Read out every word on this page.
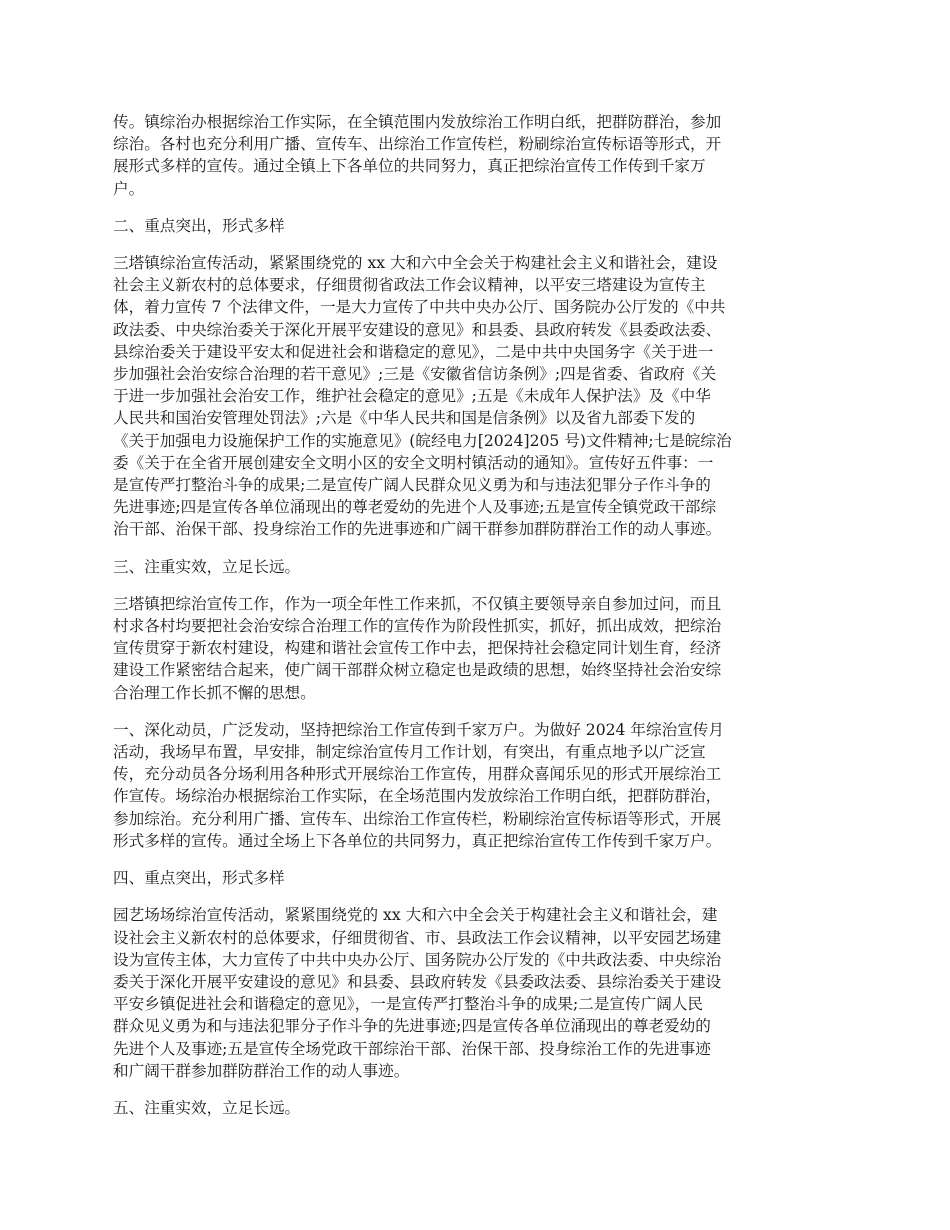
传。镇综治办根据综治工作实际，在全镇范围内发放综治工作明白纸，把群防群治，参加
综治。各村也充分利用广播、宣传车、出综治工作宣传栏，粉刷综治宣传标语等形式，开
展形式多样的宣传。通过全镇上下各单位的共同努力，真正把综治宣传工作传到千家万
户。
二、重点突出，形式多样
三塔镇综治宣传活动，紧紧围绕党的 xx 大和六中全会关于构建社会主义和谐社会，建设
社会主义新农村的总体要求，仔细贯彻省政法工作会议精神，以平安三塔建设为宣传主
体，着力宣传 7 个法律文件，一是大力宣传了中共中央办公厅、国务院办公厅发的《中共
政法委、中央综治委关于深化开展平安建设的意见》和县委、县政府转发《县委政法委、
县综治委关于建设平安太和促进社会和谐稳定的意见》，二是中共中央国务字《关于进一
步加强社会治安综合治理的若干意见》;三是《安徽省信访条例》;四是省委、省政府《关
于进一步加强社会治安工作，维护社会稳定的意见》;五是《未成年人保护法》及《中华
人民共和国治安管理处罚法》;六是《中华人民共和国是信条例》以及省九部委下发的
《关于加强电力设施保护工作的实施意见》(皖经电力[2024]205 号)文件精神;七是皖综治
委《关于在全省开展创建安全文明小区的安全文明村镇活动的通知》。宣传好五件事：一
是宣传严打整治斗争的成果;二是宣传广阔人民群众见义勇为和与违法犯罪分子作斗争的
先进事迹;四是宣传各单位涌现出的尊老爱幼的先进个人及事迹;五是宣传全镇党政干部综
治干部、治保干部、投身综治工作的先进事迹和广阔干群参加群防群治工作的动人事迹。
三、注重实效，立足长远。
三塔镇把综治宣传工作，作为一项全年性工作来抓，不仅镇主要领导亲自参加过问，而且
村求各村均要把社会治安综合治理工作的宣传作为阶段性抓实，抓好，抓出成效，把综治
宣传贯穿于新农村建设，构建和谐社会宣传工作中去，把保持社会稳定同计划生育，经济
建设工作紧密结合起来，使广阔干部群众树立稳定也是政绩的思想，始终坚持社会治安综
合治理工作长抓不懈的思想。
一、深化动员，广泛发动，坚持把综治工作宣传到千家万户。为做好 2024 年综治宣传月
活动，我场早布置，早安排，制定综治宣传月工作计划，有突出，有重点地予以广泛宣
传，充分动员各分场利用各种形式开展综治工作宣传，用群众喜闻乐见的形式开展综治工
作宣传。场综治办根据综治工作实际，在全场范围内发放综治工作明白纸，把群防群治，
参加综治。充分利用广播、宣传车、出综治工作宣传栏，粉刷综治宣传标语等形式，开展
形式多样的宣传。通过全场上下各单位的共同努力，真正把综治宣传工作传到千家万户。
四、重点突出，形式多样
园艺场场综治宣传活动，紧紧围绕党的 xx 大和六中全会关于构建社会主义和谐社会，建
设社会主义新农村的总体要求，仔细贯彻省、市、县政法工作会议精神，以平安园艺场建
设为宣传主体，大力宣传了中共中央办公厅、国务院办公厅发的《中共政法委、中央综治
委关于深化开展平安建设的意见》和县委、县政府转发《县委政法委、县综治委关于建设
平安乡镇促进社会和谐稳定的意见》，一是宣传严打整治斗争的成果;二是宣传广阔人民
群众见义勇为和与违法犯罪分子作斗争的先进事迹;四是宣传各单位涌现出的尊老爱幼的
先进个人及事迹;五是宣传全场党政干部综治干部、治保干部、投身综治工作的先进事迹
和广阔干群参加群防群治工作的动人事迹。
五、注重实效，立足长远。
